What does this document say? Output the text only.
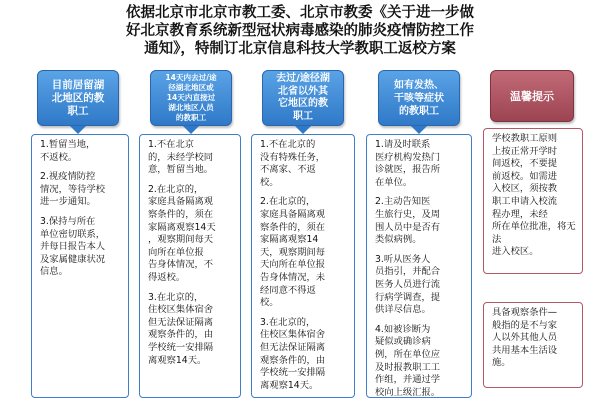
依据北京市北京市教工委、北京市教委《关于进一步做
好北京教育系统新型冠状病毒感染的肺炎疫情防控工作
通知》，特制订北京信息科技大学教职工返校方案
目前居留湖
北地区的教
职工

1.暂留当地，
不返校。

2.视疫情防控
情况，等待学校
进一步通知。

3.保持与所在
单位密切联系，
并每日报告本人
及家属健康状况
信息。

14天内去过/途
径湖北地区或
14天内直接过
湖北地区人员
的教职工

1.不在北京
的，未经学校同
意，暂留当地。

2.在北京的，
家庭具备隔离观
察条件的，须在
家隔离观察14天
，观察期间每天
向所在单位报
告身体情况，不
得返校。

3.在北京的，
住校区集体宿舍
但无法保证隔离
观察条件的，由
学校统一安排隔
离观察14天。

去过/途径湖
北省以外其
它地区的教
职工

1.不在北京的
没有特殊任务，
不离家、不返
校。

2.在北京的，
家庭具备隔离观
察条件的，须在
家隔离观察14
天，观察期间每
天向所在单位报
告身体情况，未
经同意不得返
校。

3.在北京的，
住校区集体宿舍
但无法保证隔离
观察条件的，由
学校统一安排隔
离观察14天。

如有发热、
干咳等症状
的教职工

1.请及时联系
医疗机构发热门
诊就医，报告所
在单位。

2.主动告知医
生旅行史，及周
围人员中是否有
类似病例。

3.听从医务人
员指引，并配合
医务人员进行流
行病学调查，提
供详尽信息。

4.如被诊断为
疑似或确诊病
例，所在单位应
及时报教职工工
作组，并通过学
校向上级汇报。

温馨提示

学校教职工原则
上按正常开学时
间返校，不要提
前返校。如需进
入校区，须按教
职工申请入校流
程办理，未经
所在单位批准，将无法
进入校区。

具备观察条件—
般指的是不与家
人以外其他人员
共用基本生活设
施。
